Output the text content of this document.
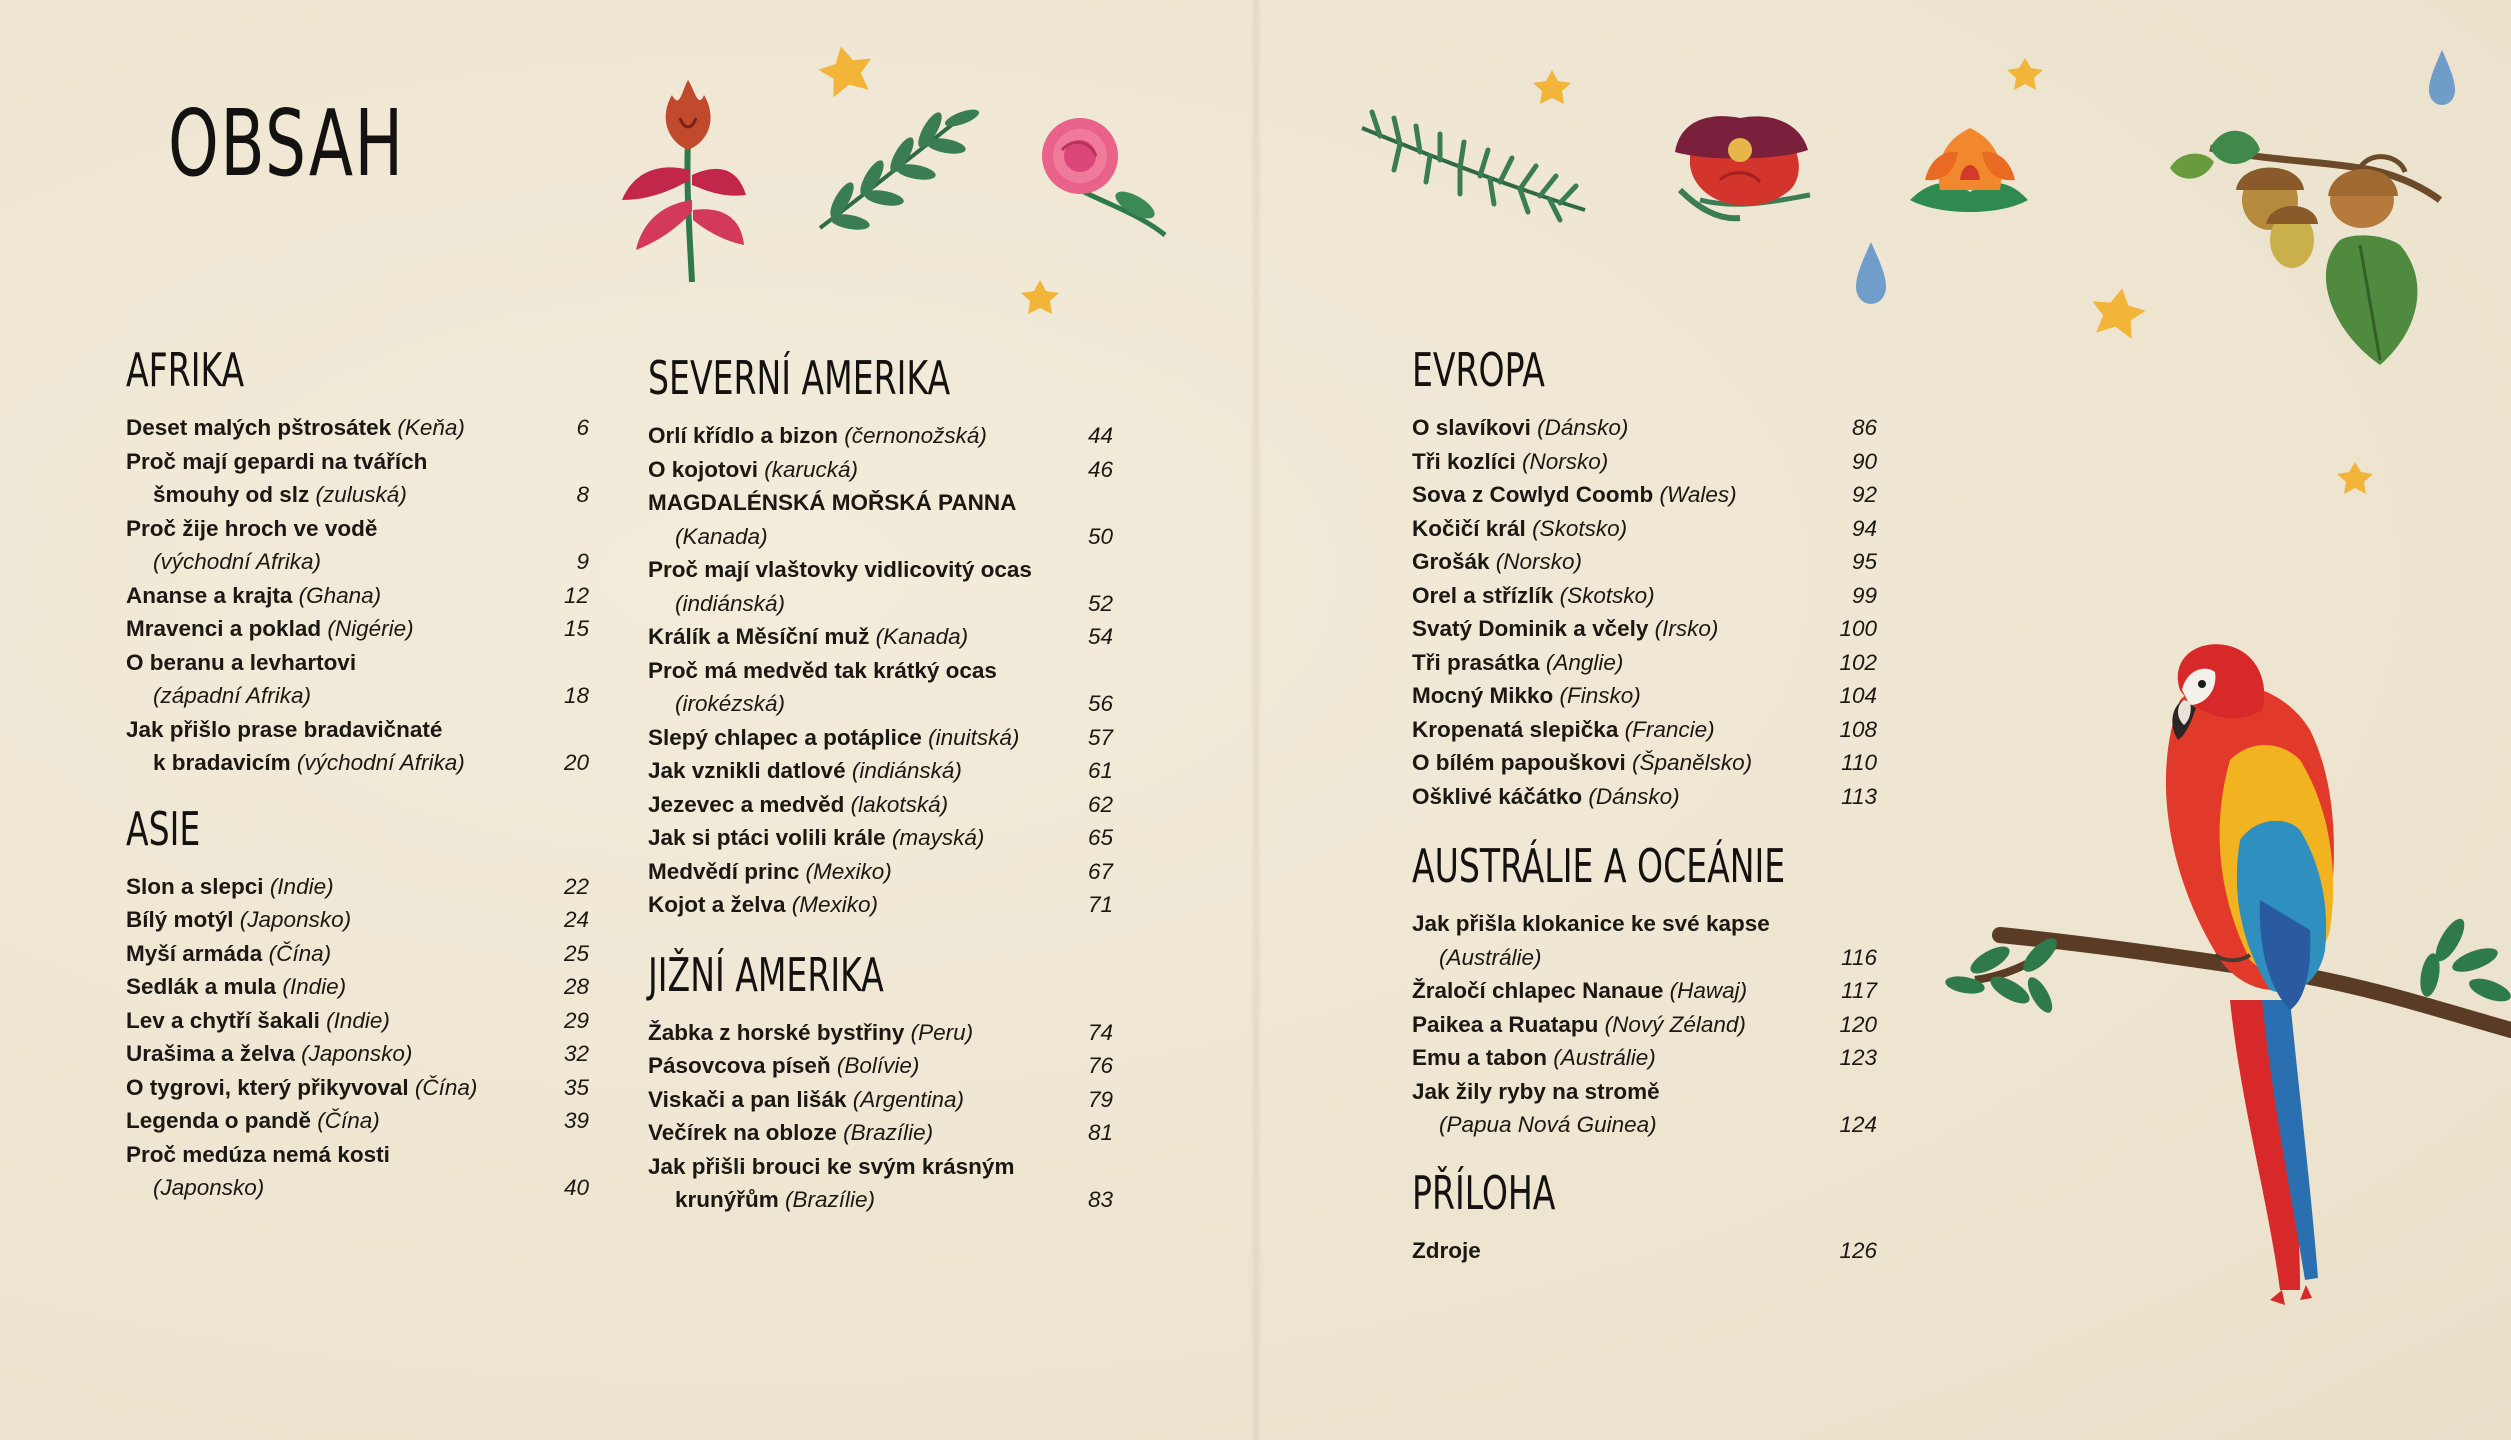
OBSAH
AFRIKA
Deset malých pštrosátek (Keňa)	6
Proč mají gepardi na tvářích
šmouhy od slz (zuluská)	8
Proč žije hroch ve vodě
(východní Afrika)	9
Ananse a krajta (Ghana)	12
Mravenci a poklad (Nigérie)	15
O beranu a levhartovi
(západní Afrika)	18
Jak přišlo prase bradavičnaté
k bradavicím (východní Afrika)	20
ASIE
Slon a slepci (Indie)	22
Bílý motýl (Japonsko)	24
Myší armáda (Čína)	25
Sedlák a mula (Indie)	28
Lev a chytří šakali (Indie)	29
Urašima a želva (Japonsko)	32
O tygrovi, který přikyvoval (Čína)	35
Legenda o pandě (Čína)	39
Proč medúza nemá kosti
(Japonsko)	40
SEVERNÍ AMERIKA
Orlí křídlo a bizon (černonožská)	44
O kojotovi (karucká)	46
MAGDALÉNSKÁ MOŘSKÁ PANNA
(Kanada)	50
Proč mají vlaštovky vidlicovitý ocas
(indiánská)	52
Králík a Měsíční muž (Kanada)	54
Proč má medvěd tak krátký ocas
(irokézská)	56
Slepý chlapec a potáplice (inuitská)	57
Jak vznikli datlové (indiánská)	61
Jezevec a medvěd (lakotská)	62
Jak si ptáci volili krále (mayská)	65
Medvědí princ (Mexiko)	67
Kojot a želva (Mexiko)	71
JIŽNÍ AMERIKA
Žabka z horské bystřiny (Peru)	74
Pásovcova píseň (Bolívie)	76
Viskači a pan lišák (Argentina)	79
Večírek na obloze (Brazílie)	81
Jak přišli brouci ke svým krásným
krunýřům (Brazílie)	83
EVROPA
O slavíkovi (Dánsko)	86
Tři kozlíci (Norsko)	90
Sova z Cowlyd Coomb (Wales)	92
Kočičí král (Skotsko)	94
Grošák (Norsko)	95
Orel a střízlík (Skotsko)	99
Svatý Dominik a včely (Irsko)	100
Tři prasátka (Anglie)	102
Mocný Mikko (Finsko)	104
Kropenatá slepička (Francie)	108
O bílém papouškovi (Španělsko)	110
Ošklivé káčátko (Dánsko)	113
AUSTRÁLIE A OCEÁNIE
Jak přišla klokanice ke své kapse
(Austrálie)	116
Žraločí chlapec Nanaue (Hawaj)	117
Paikea a Ruatapu (Nový Zéland)	120
Emu a tabon (Austrálie)	123
Jak žily ryby na stromě
(Papua Nová Guinea)	124
PŘÍLOHA
Zdroje	126
